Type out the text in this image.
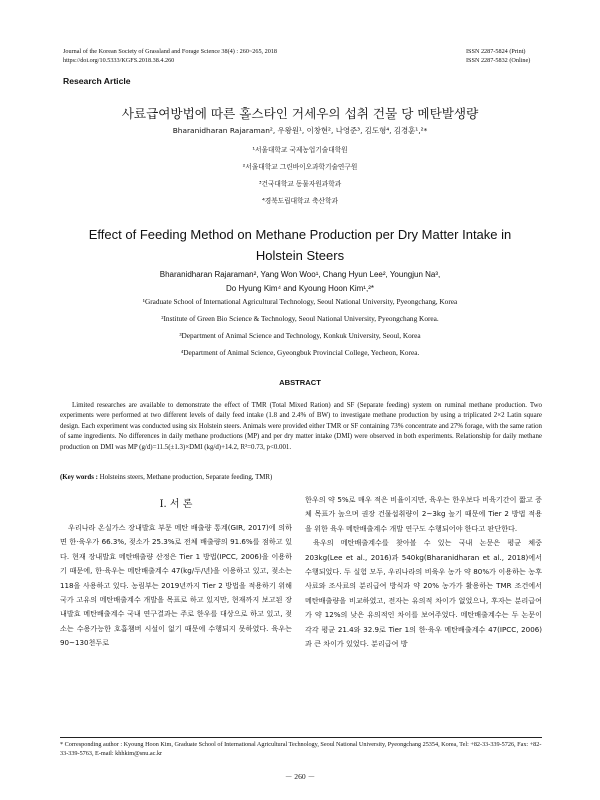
Journal of the Korean Society of Grassland and Forage Science 38(4) : 260~265, 2018
https://doi.org/10.5333/KGFS.2018.38.4.260
ISSN 2287-5824 (Print)
ISSN 2287-5832 (Online)
Research Article
사료급여방법에 따른 홀스타인 거세우의 섭취 건물 당 메탄발생량
Bharanidharan Rajaraman², 우왕원¹, 이창현², 나영준³, 김도형⁴, 김경훈¹,²*
¹서울대학교 국제농업기술대학원
²서울대학교 그린바이오과학기술연구원
³건국대학교 동물자원과학과
⁴경북도립대학교 축산학과
Effect of Feeding Method on Methane Production per Dry Matter Intake in
Holstein Steers
Bharanidharan Rajaraman², Yang Won Woo¹, Chang Hyun Lee², Youngjun Na³,
Do Hyung Kim⁴ and Kyoung Hoon Kim¹,²*
¹Graduate School of International Agricultural Technology, Seoul National University, Pyeongchang, Korea
²Institute of Green Bio Science & Technology, Seoul National University, Pyeongchang Korea.
³Department of Animal Science and Technology, Konkuk University, Seoul, Korea
⁴Department of Animal Science, Gyeongbuk Provincial College, Yecheon, Korea.
ABSTRACT
Limited researches are available to demonstrate the effect of TMR (Total Mixed Ration) and SF (Separate feeding) system on ruminal methane production. Two experiments were performed at two different levels of daily feed intake (1.8 and 2.4% of BW) to investigate methane production by using a triplicated 2×2 Latin square design. Each experiment was conducted using six Holstein steers. Animals were provided either TMR or SF containing 73% concentrate and 27% forage, with the same ration of same ingredients. No differences in daily methane productions (MP) and per dry matter intake (DMI) were observed in both experiments. Relationship for daily methane production on DMI was MP (g/d)=11.5(±1.3)×DMI (kg/d)+14.2, R²=0.73, p<0.001.
(Key words : Holsteins steers, Methane production, Separate feeding, TMR)
Ⅰ. 서 론
우리나라 온실가스 장내발효 부문 메탄 배출량 통계(GIR, 2017)에 의하면 한·육우가 66.3%, 젖소가 25.3%로 전체 배출량의 91.6%를 점하고 있다. 현재 장내발효 메탄배출량 산정은 Tier 1 방법(IPCC, 2006)을 이용하기 때문에, 한·육우는 메탄배출계수 47(kg/두/년)을 이용하고 있고, 젖소는 118을 사용하고 있다. 농림부는 2019년까지 Tier 2 방법을 적용하기 위해 국가 고유의 메탄배출계수 개발을 목표로 하고 있지만, 현재까지 보고된 장내발효 메탄배출계수 국내 연구결과는 주로 한우를 대상으로 하고 있고, 젖소는 수용가능한 호흡챔버 시설이 없기 때문에 수행되지 못하였다. 육우는 90~130천두로

한우의 약 5%로 매우 적은 비율이지만, 육우는 한우보다 비육기간이 짧고 증체 목표가 높으며 권장 건물섭취량이 2~3kg 높기 때문에 Tier 2 방법 적용을 위한 육우 메탄배출계수 개발 연구도 수행되어야 한다고 판단한다.

육우의 메탄배출계수를 찾아볼 수 있는 국내 논문은 평균 체중 203kg(Lee et al., 2016)과 540kg(Bharanidharan et al., 2018)에서 수행되었다. 두 실험 모두, 우리나라의 비육우 농가 약 80%가 이용하는 농후사료와 조사료의 분리급여 방식과 약 20% 농가가 활용하는 TMR 조건에서 메탄배출량을 비교하였고, 전자는 유의적 차이가 없었으나, 후자는 분리급여가 약 12%의 낮은 유의적인 차이를 보여주었다. 메탄배출계수는 두 논문이 각각 평균 21.4와 32.9로 Tier 1의 한·육우 메탄배출계수 47(IPCC, 2006)과 큰 차이가 있었다. 분리급여 방

* Corresponding author : Kyoung Hoon Kim, Graduate School of International Agricultural Technology, Seoul National University, Pyeongchang 25354, Korea, Tel: +82-33-339-5726, Fax: +82-33-339-5763, E-mail: khhkim@snu.ac.kr
－ 260 －
